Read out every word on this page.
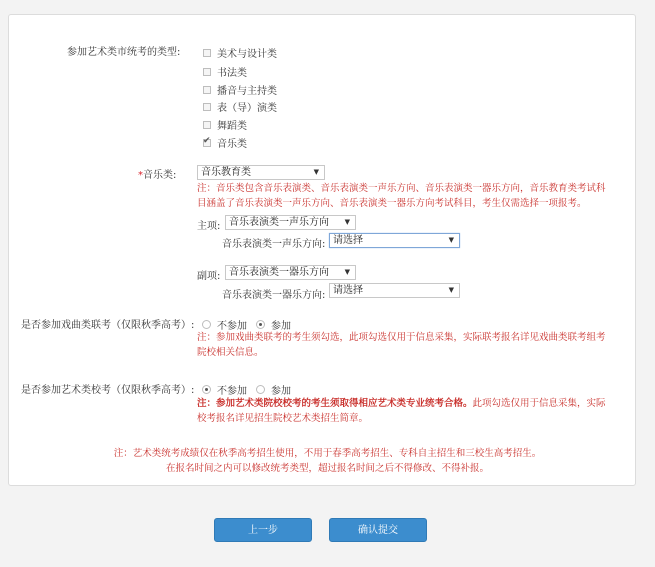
参加艺术类市统考的类型:	美术与设计类
书法类
播音与主持类
表（导）演类
舞蹈类
✔
音乐类
*音乐类:	音乐教育类	▼
注：音乐类包含音乐表演类、音乐表演类一声乐方向、音乐表演类一器乐方向，音乐教育类考试科
目涵盖了音乐表演类一声乐方向、音乐表演类一器乐方向考试科目，考生仅需选择一项报考。
主项: 音乐表演类一声乐方向 ▼
音乐表演类一声乐方向: 请选择	▼
副项: 音乐表演类一器乐方向 ▼
音乐表演类一器乐方向: 请选择	▼
是否参加戏曲类联考（仅限秋季高考）: 不参加 参加
注：参加戏曲类联考的考生须勾选，此项勾选仅用于信息采集，实际联考报名详见戏曲类联考组考
院校相关信息。
是否参加艺术类校考（仅限秋季高考）: 不参加 参加
注：参加艺术类院校校考的考生须取得相应艺术类专业统考合格。此项勾选仅用于信息采集，实际
校考报名详见招生院校艺术类招生简章。
注：艺术类统考成绩仅在秋季高考招生使用，不用于春季高考招生、专科自主招生和三校生高考招生。
在报名时间之内可以修改统考类型，超过报名时间之后不得修改、不得补报。
上一步	确认提交
